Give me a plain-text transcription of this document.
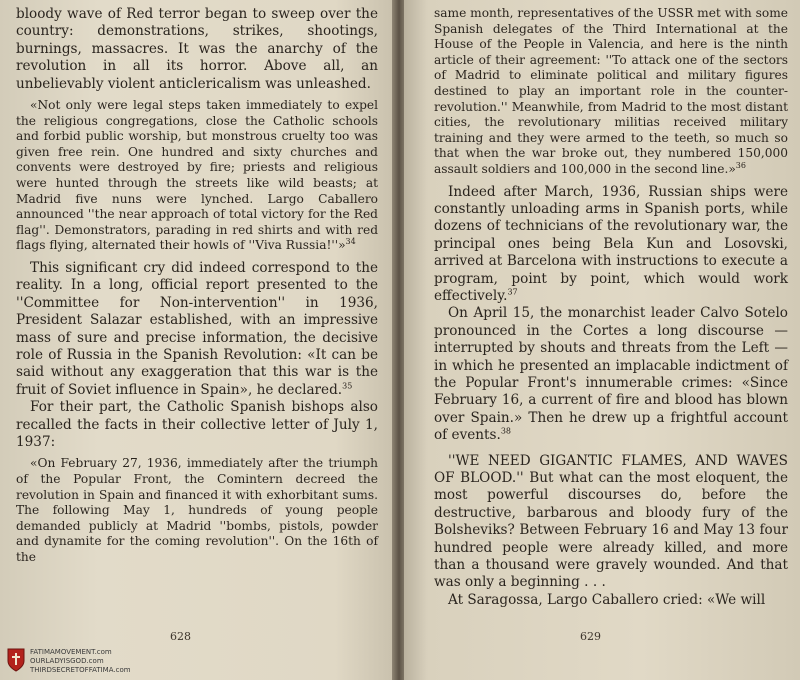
bloody wave of Red terror began to sweep over the country: demonstrations, strikes, shootings, burnings, massacres. It was the anarchy of the revolution in all its horror. Above all, an unbelievably violent anticlericalism was unleashed.

«Not only were legal steps taken immediately to expel the religious congregations, close the Catholic schools and forbid public worship, but monstrous cruelty too was given free rein. One hundred and sixty churches and convents were destroyed by fire; priests and religious were hunted through the streets like wild beasts; at Madrid five nuns were lynched. Largo Caballero announced ''the near approach of total victory for the Red flag''. Demonstrators, parading in red shirts and with red flags flying, alternated their howls of ''Viva Russia!''»$^{34}$

This significant cry did indeed correspond to the reality. In a long, official report presented to the ''Committee for Non-intervention'' in 1936, President Salazar established, with an impressive mass of sure and precise information, the decisive role of Russia in the Spanish Revolution: «It can be said without any exaggeration that this war is the fruit of Soviet influence in Spain», he declared.$^{35}$

For their part, the Catholic Spanish bishops also recalled the facts in their collective letter of July 1, 1937:

«On February 27, 1936, immediately after the triumph of the Popular Front, the Comintern decreed the revolution in Spain and financed it with exhorbitant sums. The following May 1, hundreds of young people demanded publicly at Madrid ''bombs, pistols, powder and dynamite for the coming revolution''. On the 16th of the

628
FATIMAMOVEMENT.com
OURLADYISGOD.com
THIRDSECRETOFFATIMA.com

same month, representatives of the USSR met with some Spanish delegates of the Third International at the House of the People in Valencia, and here is the ninth article of their agreement: ''To attack one of the sectors of Madrid to eliminate political and military figures destined to play an important role in the counter-revolution.'' Meanwhile, from Madrid to the most distant cities, the revolutionary militias received military training and they were armed to the teeth, so much so that when the war broke out, they numbered 150,000 assault soldiers and 100,000 in the second line.»$^{36}$

Indeed after March, 1936, Russian ships were constantly unloading arms in Spanish ports, while dozens of technicians of the revolutionary war, the principal ones being Bela Kun and Losovski, arrived at Barcelona with instructions to execute a program, point by point, which would work effectively.$^{37}$

On April 15, the monarchist leader Calvo Sotelo pronounced in the Cortes a long discourse — interrupted by shouts and threats from the Left — in which he presented an implacable indictment of the Popular Front's innumerable crimes: «Since February 16, a current of fire and blood has blown over Spain.» Then he drew up a frightful account of events.$^{38}$

''WE NEED GIGANTIC FLAMES, AND WAVES OF BLOOD.'' But what can the most eloquent, the most powerful discourses do, before the destructive, barbarous and bloody fury of the Bolsheviks? Between February 16 and May 13 four hundred people were already killed, and more than a thousand were gravely wounded. And that was only a beginning . . .

At Saragossa, Largo Caballero cried: «We will

629
